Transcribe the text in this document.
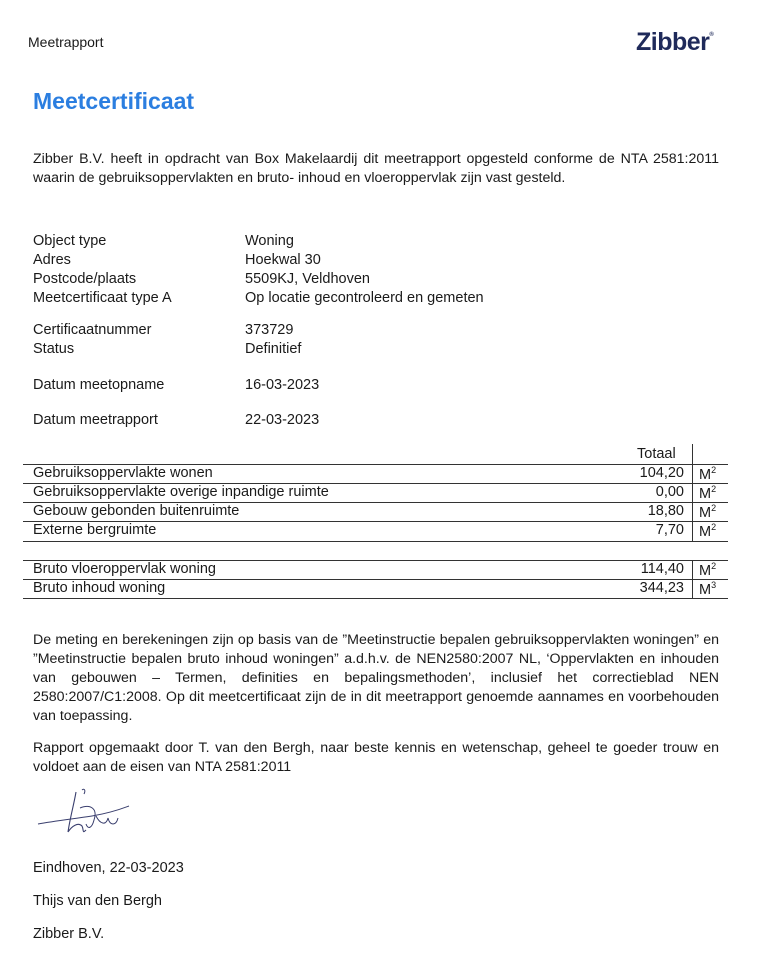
Meetrapport	Zibber®
Meetcertificaat
Zibber B.V. heeft in opdracht van Box Makelaardij dit meetrapport opgesteld conforme de NTA 2581:2011 waarin de gebruiksoppervlakten en bruto- inhoud en vloeroppervlak zijn vast gesteld.
Object type	Woning
Adres	Hoekwal 30
Postcode/plaats	5509KJ, Veldhoven
Meetcertificaat type A	Op locatie gecontroleerd en gemeten
Certificaatnummer	373729
Status	Definitief
Datum meetopname	16-03-2023
Datum meetrapport	22-03-2023
Totaal
Gebruiksoppervlakte wonen	104,20 $M^2$
Gebruiksoppervlakte overige inpandige ruimte	0,00 $M^2$
Gebouw gebonden buitenruimte	18,80 $M^2$
Externe bergruimte	7,70 $M^2$
Bruto vloeroppervlak woning	114,40 $M^2$
Bruto inhoud woning	344,23 $M^3$
De meting en berekeningen zijn op basis van de ”Meetinstructie bepalen gebruiksoppervlakten woningen” en ”Meetinstructie bepalen bruto inhoud woningen” a.d.h.v. de NEN2580:2007 NL, ‘Oppervlakten en inhouden van gebouwen – Termen, definities en bepalingsmethoden’, inclusief het correctieblad NEN 2580:2007/C1:2008. Op dit meetcertificaat zijn de in dit meetrapport genoemde aannames en voorbehouden van toepassing.
Rapport opgemaakt door T. van den Bergh, naar beste kennis en wetenschap, geheel te goeder trouw en voldoet aan de eisen van NTA 2581:2011
Eindhoven, 22-03-2023
Thijs van den Bergh
Zibber B.V.
